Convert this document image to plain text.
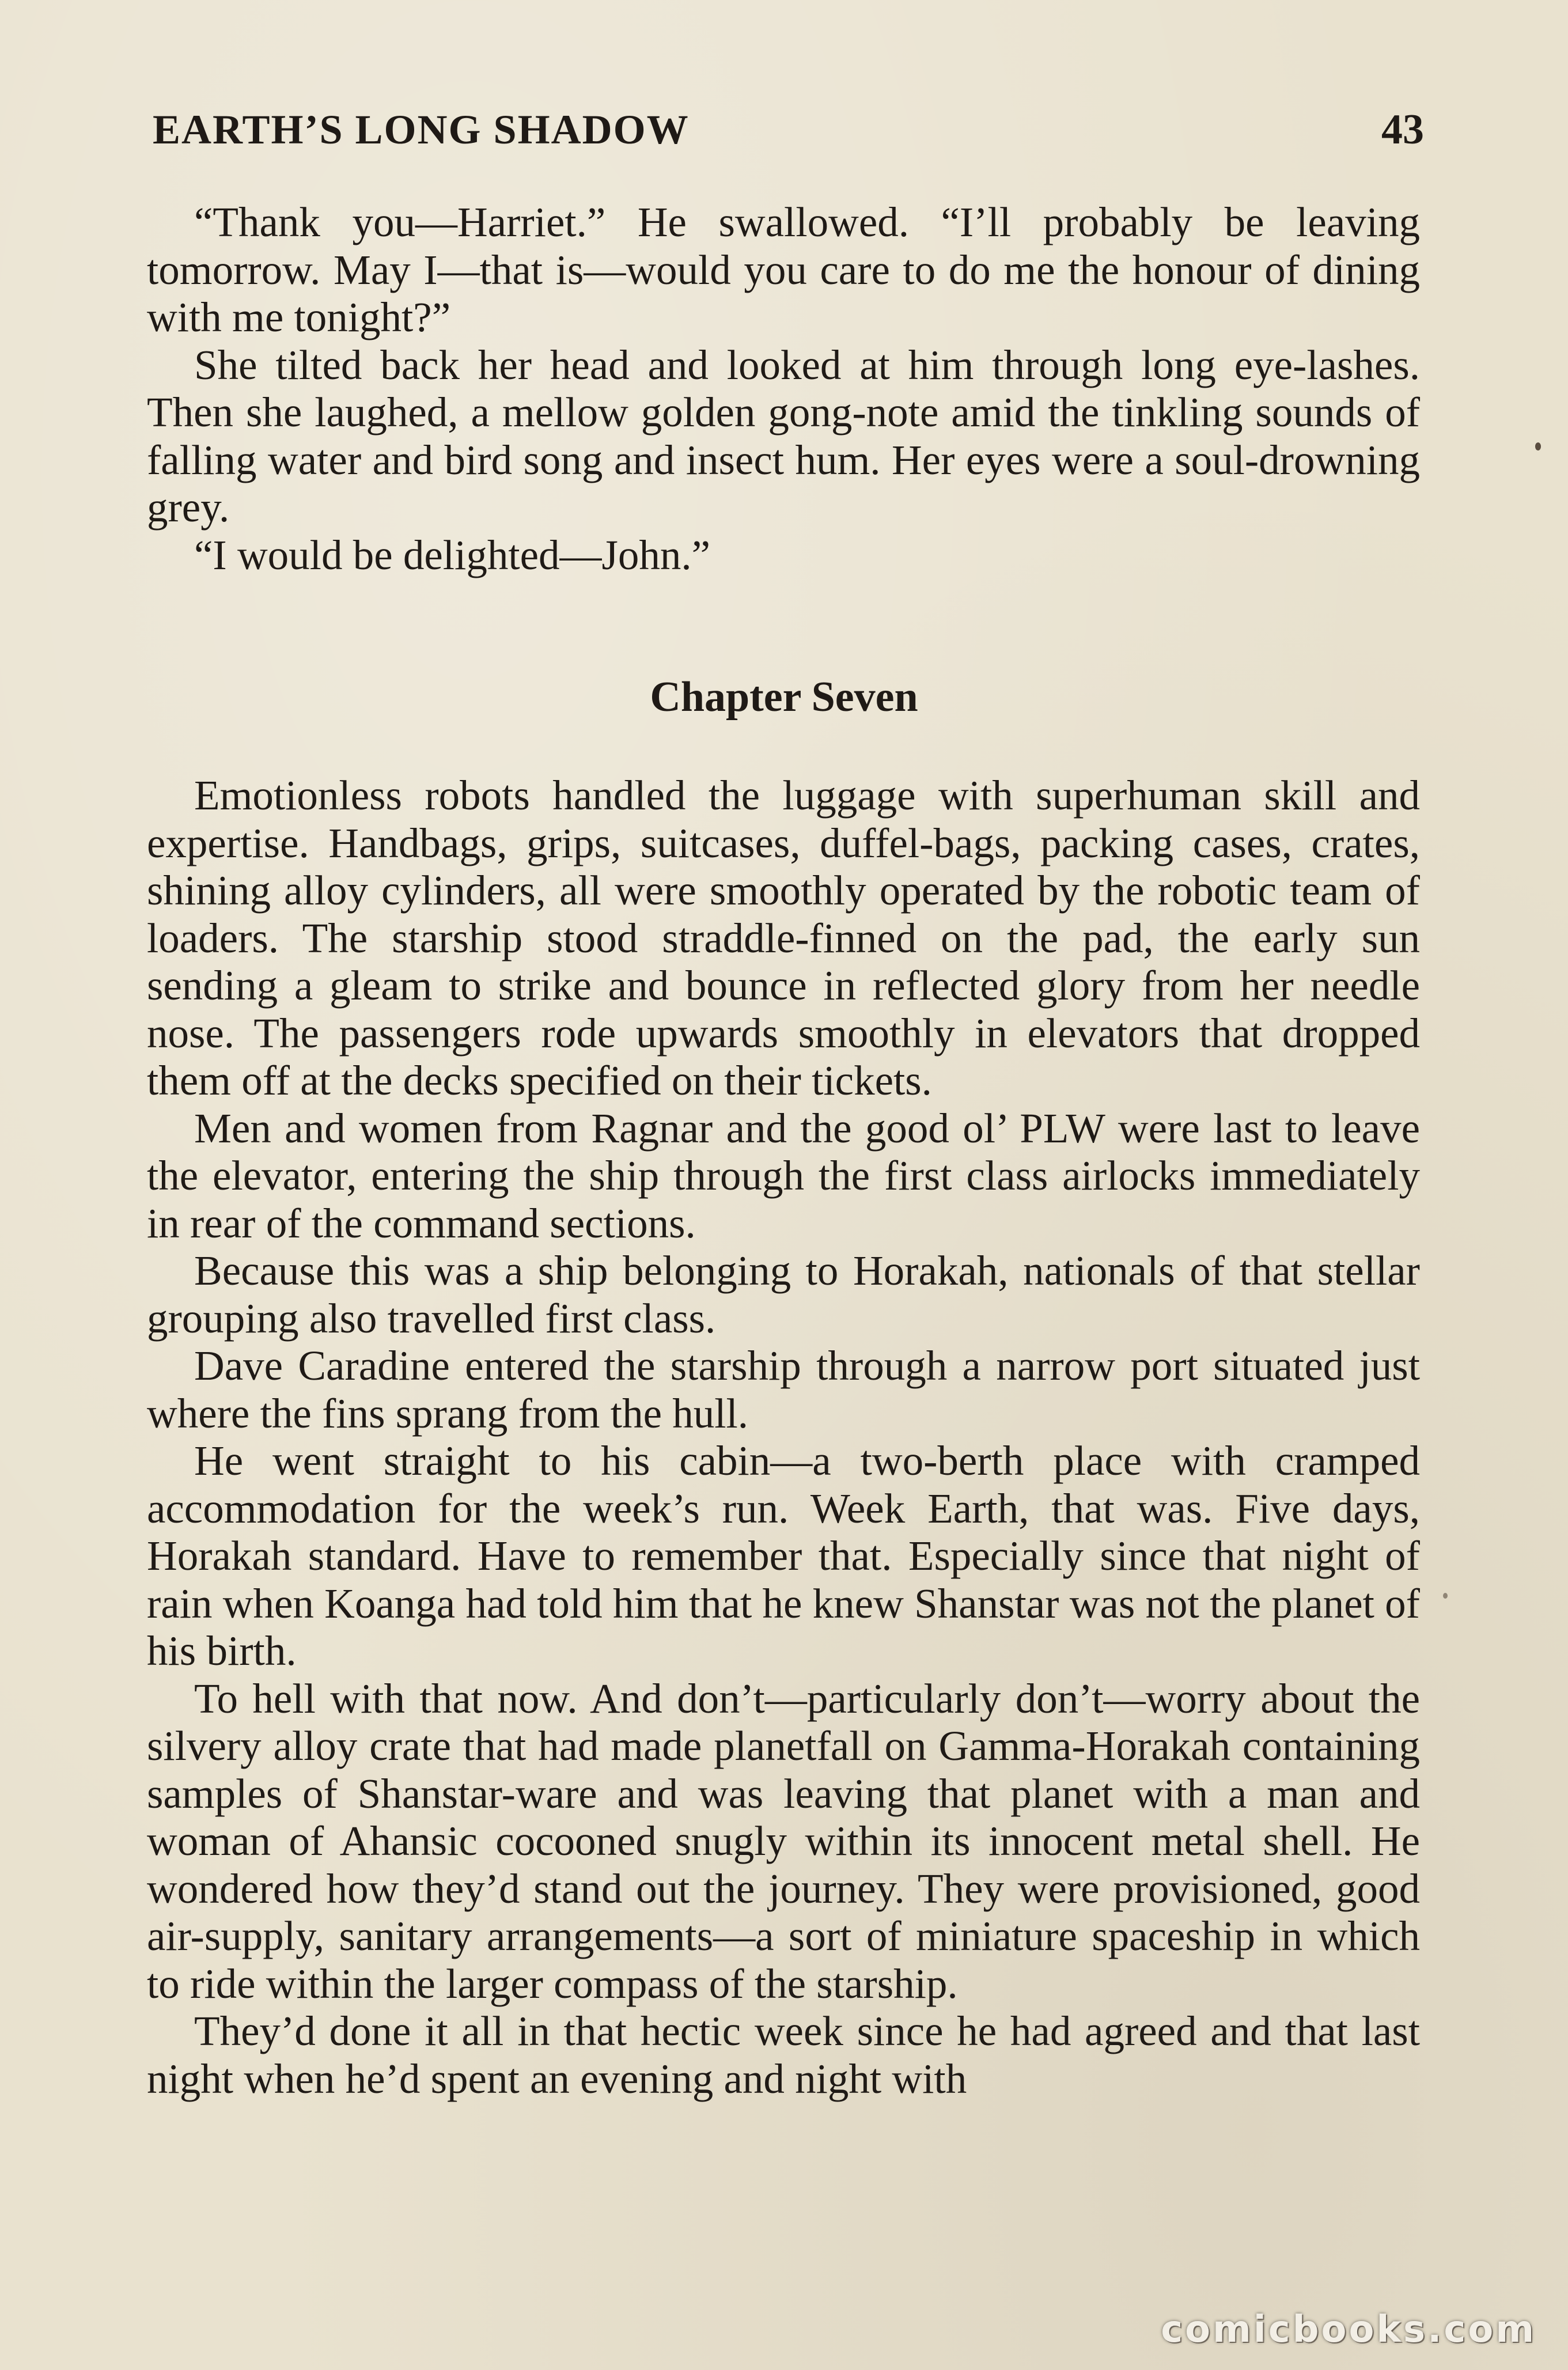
EARTH’S LONG SHADOW	43

“Thank you—Harriet.” He swallowed. “I’ll probably be leaving tomorrow. May I—that is—would you care to do me the honour of dining with me tonight?”

She tilted back her head and looked at him through long eye-lashes. Then she laughed, a mellow golden gong-note amid the tinkling sounds of falling water and bird song and insect hum. Her eyes were a soul-drowning grey.

“I would be delighted—John.”

Chapter Seven

Emotionless robots handled the luggage with superhuman skill and expertise. Handbags, grips, suitcases, duffel-bags, packing cases, crates, shining alloy cylinders, all were smoothly operated by the robotic team of loaders. The starship stood straddle-finned on the pad, the early sun sending a gleam to strike and bounce in reflected glory from her needle nose. The passengers rode upwards smoothly in elevators that dropped them off at the decks specified on their tickets.

Men and women from Ragnar and the good ol’ PLW were last to leave the elevator, entering the ship through the first class airlocks immediately in rear of the command sections.

Because this was a ship belonging to Horakah, nationals of that stellar grouping also travelled first class.

Dave Caradine entered the starship through a narrow port situated just where the fins sprang from the hull.

He went straight to his cabin—a two-berth place with cramped accommodation for the week’s run. Week Earth, that was. Five days, Horakah standard. Have to remember that. Especially since that night of rain when Koanga had told him that he knew Shanstar was not the planet of his birth.

To hell with that now. And don’t—particularly don’t—worry about the silvery alloy crate that had made planetfall on Gamma-Horakah containing samples of Shanstar-ware and was leaving that planet with a man and woman of Ahansic cocooned snugly within its innocent metal shell. He wondered how they’d stand out the journey. They were provisioned, good air-supply, sanitary arrangements—a sort of miniature spaceship in which to ride within the larger compass of the starship.

They’d done it all in that hectic week since he had agreed and that last night when he’d spent an evening and night with

comicbooks.com
